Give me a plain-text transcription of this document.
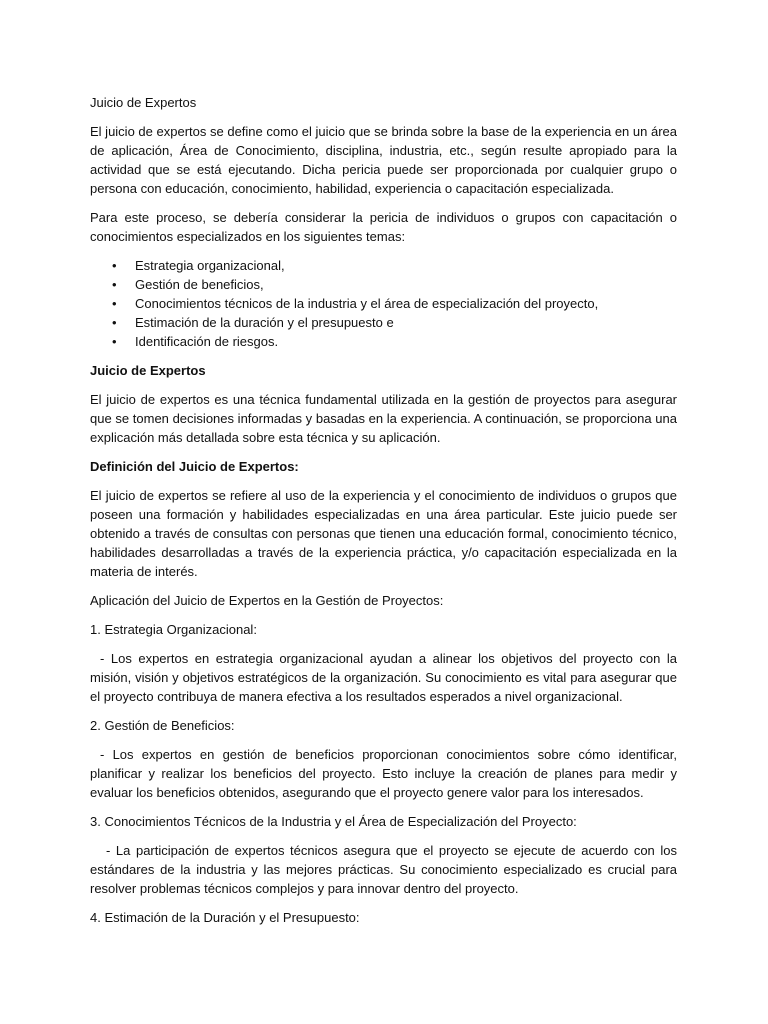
Juicio de Expertos

El juicio de expertos se define como el juicio que se brinda sobre la base de la experiencia en un área de aplicación, Área de Conocimiento, disciplina, industria, etc., según resulte apropiado para la actividad que se está ejecutando. Dicha pericia puede ser proporcionada por cualquier grupo o persona con educación, conocimiento, habilidad, experiencia o capacitación especializada.

Para este proceso, se debería considerar la pericia de individuos o grupos con capacitación o conocimientos especializados en los siguientes temas:

• Estrategia organizacional,
• Gestión de beneficios,
• Conocimientos técnicos de la industria y el área de especialización del proyecto,
• Estimación de la duración y el presupuesto e
• Identificación de riesgos.

Juicio de Expertos

El juicio de expertos es una técnica fundamental utilizada en la gestión de proyectos para asegurar que se tomen decisiones informadas y basadas en la experiencia. A continuación, se proporciona una explicación más detallada sobre esta técnica y su aplicación.

Definición del Juicio de Expertos:

El juicio de expertos se refiere al uso de la experiencia y el conocimiento de individuos o grupos que poseen una formación y habilidades especializadas en una área particular. Este juicio puede ser obtenido a través de consultas con personas que tienen una educación formal, conocimiento técnico, habilidades desarrolladas a través de la experiencia práctica, y/o capacitación especializada en la materia de interés.

Aplicación del Juicio de Expertos en la Gestión de Proyectos:

1. Estrategia Organizacional:

- Los expertos en estrategia organizacional ayudan a alinear los objetivos del proyecto con la misión, visión y objetivos estratégicos de la organización. Su conocimiento es vital para asegurar que el proyecto contribuya de manera efectiva a los resultados esperados a nivel organizacional.

2. Gestión de Beneficios:

- Los expertos en gestión de beneficios proporcionan conocimientos sobre cómo identificar, planificar y realizar los beneficios del proyecto. Esto incluye la creación de planes para medir y evaluar los beneficios obtenidos, asegurando que el proyecto genere valor para los interesados.

3. Conocimientos Técnicos de la Industria y el Área de Especialización del Proyecto:

- La participación de expertos técnicos asegura que el proyecto se ejecute de acuerdo con los estándares de la industria y las mejores prácticas. Su conocimiento especializado es crucial para resolver problemas técnicos complejos y para innovar dentro del proyecto.

4. Estimación de la Duración y el Presupuesto:
